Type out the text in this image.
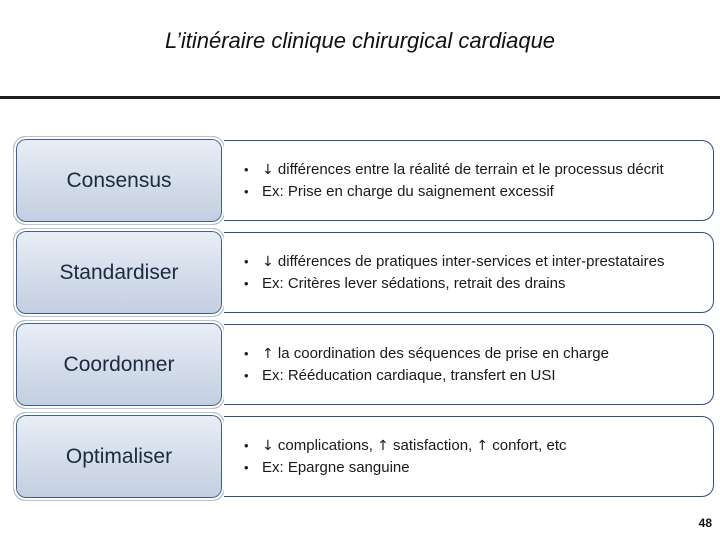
L’itinéraire clinique chirurgical cardiaque
Consensus	• ↓ différences entre la réalité de terrain et le processus décrit
• Ex: Prise en charge du saignement excessif
Standardiser	• ↓ différences de pratiques inter-services et inter-prestataires
• Ex: Critères lever sédations, retrait des drains
Coordonner	• ↑ la coordination des séquences de prise en charge
• Ex: Rééducation cardiaque, transfert en USI
Optimaliser	• ↓ complications, ↑ satisfaction, ↑ confort, etc
• Ex: Epargne sanguine
48
